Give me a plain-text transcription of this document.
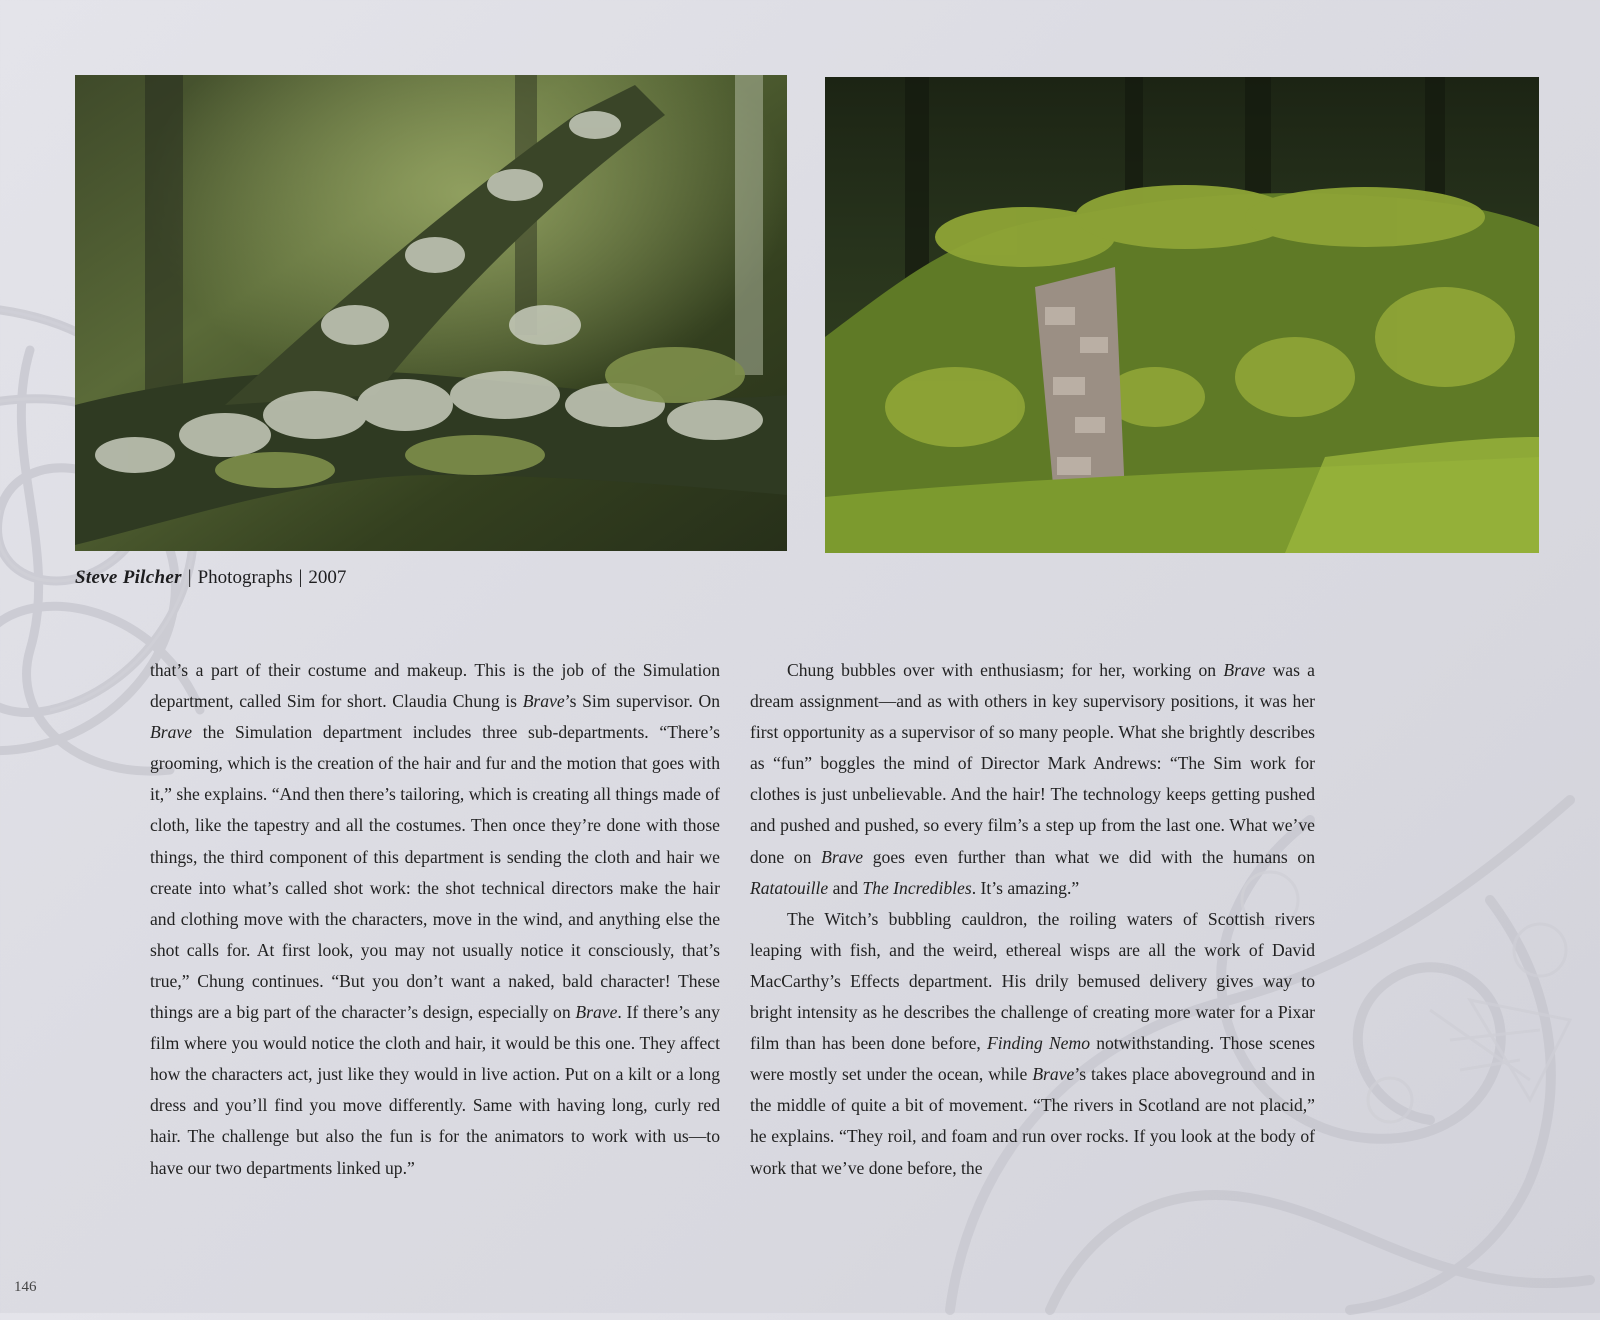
Steve Pilcher | Photographs | 2007

that’s a part of their costume and makeup. This is the job of the Simulation department, called Sim for short. Claudia Chung is Brave’s Sim supervisor. On Brave the Simulation department includes three sub-departments. “There’s grooming, which is the creation of the hair and fur and the motion that goes with it,” she explains. “And then there’s tailoring, which is creating all things made of cloth, like the tapestry and all the costumes. Then once they’re done with those things, the third component of this department is sending the cloth and hair we create into what’s called shot work: the shot technical directors make the hair and clothing move with the characters, move in the wind, and anything else the shot calls for. At first look, you may not usually notice it consciously, that’s true,” Chung continues. “But you don’t want a naked, bald character! These things are a big part of the character’s design, especially on Brave. If there’s any film where you would notice the cloth and hair, it would be this one. They affect how the characters act, just like they would in live action. Put on a kilt or a long dress and you’ll find you move differently. Same with having long, curly red hair. The challenge but also the fun is for the animators to work with us—to have our two departments linked up.”

Chung bubbles over with enthusiasm; for her, working on Brave was a dream assignment—and as with others in key supervisory positions, it was her first opportunity as a supervisor of so many people. What she brightly describes as “fun” boggles the mind of Director Mark Andrews: “The Sim work for clothes is just unbelievable. And the hair! The technology keeps getting pushed and pushed and pushed, so every film’s a step up from the last one. What we’ve done on Brave goes even further than what we did with the humans on Ratatouille and The Incredibles. It’s amazing.”

The Witch’s bubbling cauldron, the roiling waters of Scottish rivers leaping with fish, and the weird, ethereal wisps are all the work of David MacCarthy’s Effects department. His drily bemused delivery gives way to bright intensity as he describes the challenge of creating more water for a Pixar film than has been done before, Finding Nemo notwithstanding. Those scenes were mostly set under the ocean, while Brave’s takes place aboveground and in the middle of quite a bit of movement. “The rivers in Scotland are not placid,” he explains. “They roil, and foam and run over rocks. If you look at the body of work that we’ve done before, the

146
